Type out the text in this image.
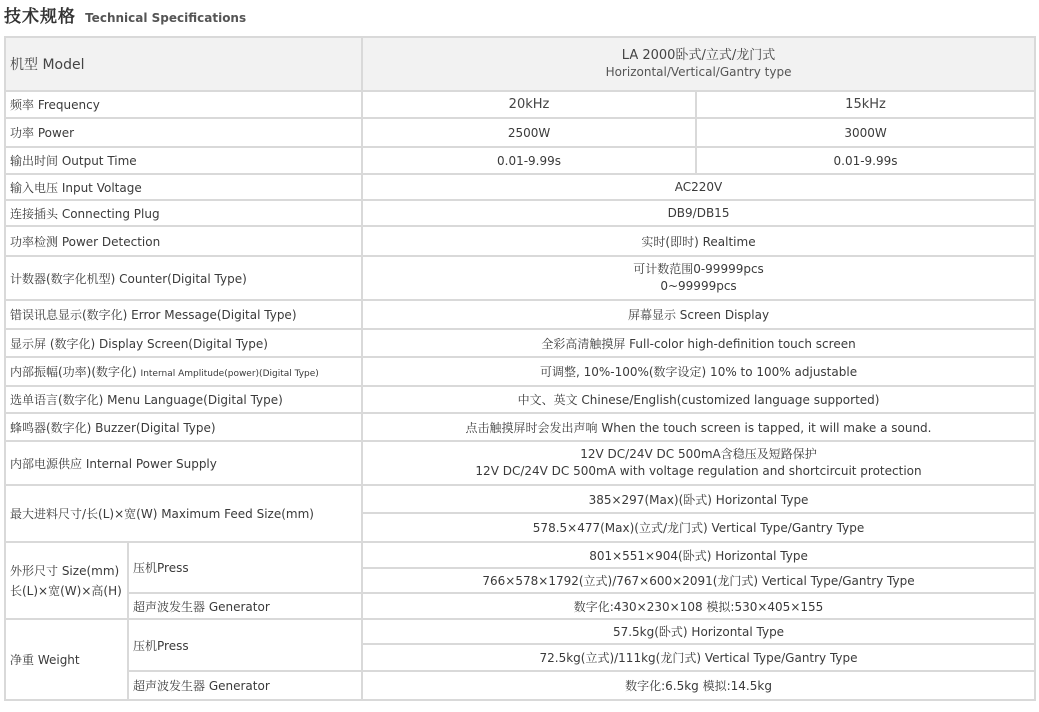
技术规格 Technical Specifications
机型 Model		LA 2000卧式/立式/龙门式
Horizontal/Vertical/Gantry type	

频率 Frequency		20kHz	15kHz
功率 Power		2500W	3000W
输出时间 Output Time		0.01-9.99s	0.01-9.99s
输入电压 Input Voltage		AC220V	
连接插头 Connecting Plug		DB9/DB15	
功率检测 Power Detection		实时(即时) Realtime	
计数器(数字化机型) Counter(Digital Type)		可计数范围0-99999pcs
0~99999pcs	

错误讯息显示(数字化) Error Message(Digital Type)		屏幕显示 Screen Display	
显示屏 (数字化) Display Screen(Digital Type)		全彩高清触摸屏 Full-color high-definition touch screen	
内部振幅(功率)(数字化) Internal Amplitude(power)(Digital Type)		可调整, 10%-100%(数字设定) 10% to 100% adjustable	
选单语言(数字化) Menu Language(Digital Type)		中文、英文 Chinese/English(customized language supported)	
蜂鸣器(数字化) Buzzer(Digital Type)		点击触摸屏时会发出声响 When the touch screen is tapped, it will make a sound.	
内部电源供应 Internal Power Supply		12V DC/24V DC 500mA含稳压及短路保护
12V DC/24V DC 500mA with voltage regulation and shortcircuit protection	

最大进料尺寸/长(L)×宽(W) Maximum Feed Size(mm)		385×297(Max)(卧式) Horizontal Type	
		578.5×477(Max)(立式/龙门式) Vertical Type/Gantry Type	

外形尺寸 Size(mm)
长(L)×宽(W)×高(H)	压机Press	801×551×904(卧式) Horizontal Type	
		766×578×1792(立式)/767×600×2091(龙门式) Vertical Type/Gantry Type	
	超声波发生器 Generator	数字化:430×230×108 模拟:530×405×155	
净重 Weight	压机Press	57.5kg(卧式) Horizontal Type	
		72.5kg(立式)/111kg(龙门式) Vertical Type/Gantry Type	
	超声波发生器 Generator	数字化:6.5kg 模拟:14.5kg	
